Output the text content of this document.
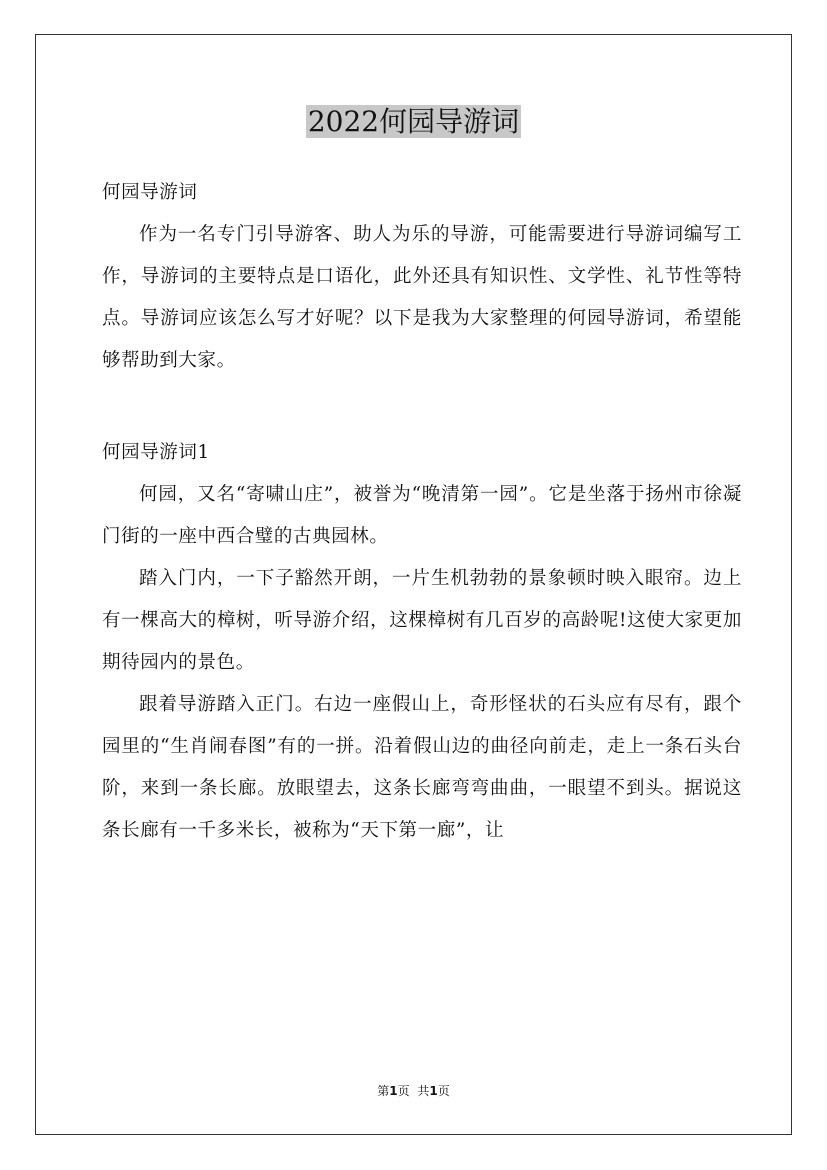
2022何园导游词

何园导游词

作为一名专门引导游客、助人为乐的导游，可能需要进行导游词编写工作，导游词的主要特点是口语化，此外还具有知识性、文学性、礼节性等特点。导游词应该怎么写才好呢？以下是我为大家整理的何园导游词，希望能够帮助到大家。

何园导游词1

何园，又名“寄啸山庄”，被誉为“晚清第一园”。它是坐落于扬州市徐凝门街的一座中西合璧的古典园林。

踏入门内，一下子豁然开朗，一片生机勃勃的景象顿时映入眼帘。边上有一棵高大的樟树，听导游介绍，这棵樟树有几百岁的高龄呢!这使大家更加期待园内的景色。

跟着导游踏入正门。右边一座假山上，奇形怪状的石头应有尽有，跟个园里的“生肖闹春图”有的一拼。沿着假山边的曲径向前走，走上一条石头台阶，来到一条长廊。放眼望去，这条长廊弯弯曲曲，一眼望不到头。据说这条长廊有一千多米长，被称为“天下第一廊”，让

第1页 共1页
